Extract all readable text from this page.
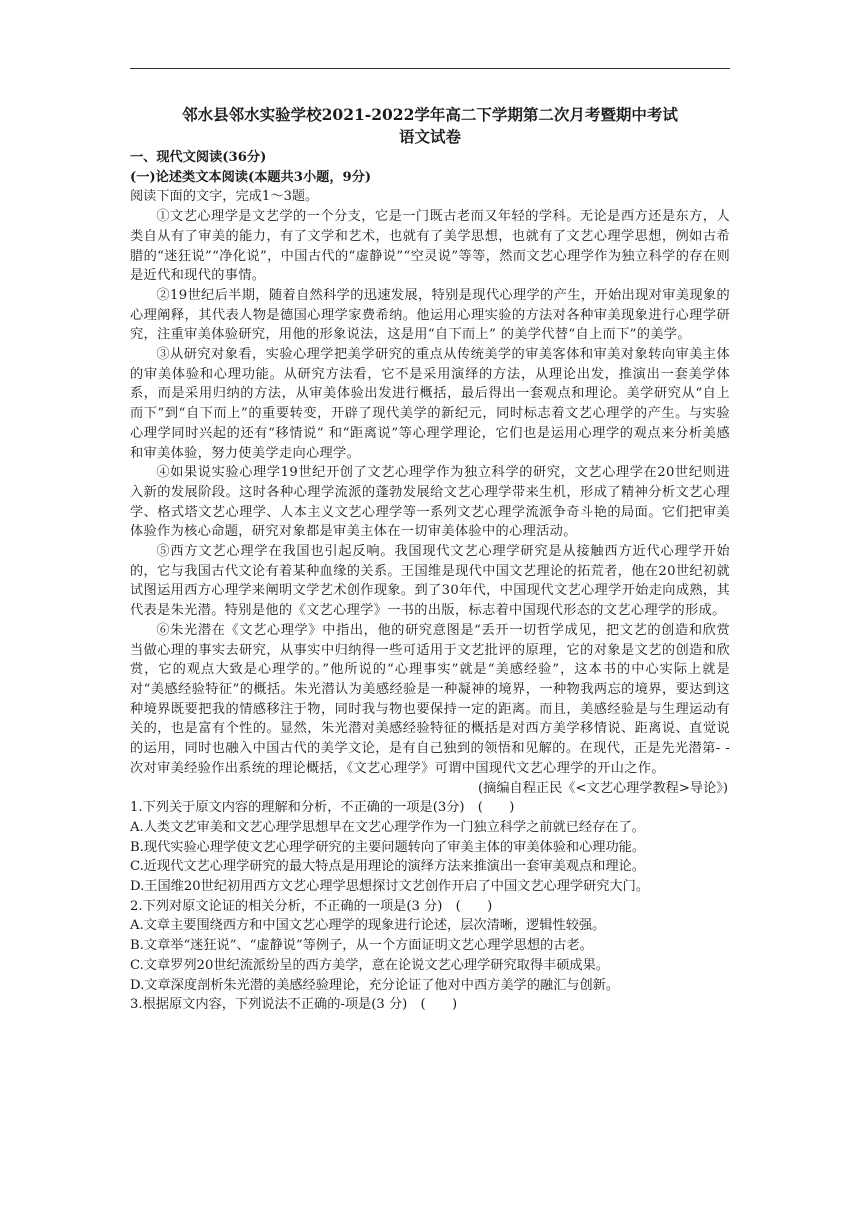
邻水县邻水实验学校2021-2022学年高二下学期第二次月考暨期中考试

语文试卷

一、现代文阅读(36分)

(一)论述类文本阅读(本题共3小题，9分)

阅读下面的文字，完成1～3题。

①文艺心理学是文艺学的一个分支，它是一门既古老而又年轻的学科。无论是西方还是东方，人类自从有了审美的能力，有了文学和艺术，也就有了美学思想，也就有了文艺心理学思想，例如古希腊的“迷狂说”“净化说”，中国古代的“虚静说”“空灵说”等等，然而文艺心理学作为独立科学的存在则是近代和现代的事情。

②19世纪后半期，随着自然科学的迅速发展，特别是现代心理学的产生，开始出现对审美现象的心理阐释，其代表人物是德国心理学家费希纳。他运用心理实验的方法对各种审美现象进行心理学研究，注重审美体验研究，用他的形象说法，这是用“自下而上” 的美学代替“自上而下”的美学。

③从研究对象看，实验心理学把美学研究的重点从传统美学的审美客体和审美对象转向审美主体的审美体验和心理功能。从研究方法看，它不是采用演绎的方法，从理论出发，推演出一套美学体系，而是采用归纳的方法，从审美体验出发进行概括，最后得出一套观点和理论。美学研究从“自上而下”到“自下而上”的重要转变，开辟了现代美学的新纪元，同时标志着文艺心理学的产生。与实验心理学同时兴起的还有“移情说” 和“距离说”等心理学理论，它们也是运用心理学的观点来分析美感和审美体验，努力使美学走向心理学。

④如果说实验心理学19世纪开创了文艺心理学作为独立科学的研究，文艺心理学在20世纪则进入新的发展阶段。这时各种心理学流派的蓬勃发展给文艺心理学带来生机，形成了精神分析文艺心理学、格式塔文艺心理学、人本主义文艺心理学等一系列文艺心理学流派争奇斗艳的局面。它们把审美体验作为核心命题，研究对象都是审美主体在一切审美体验中的心理活动。

⑤西方文艺心理学在我国也引起反响。我国现代文艺心理学研究是从接触西方近代心理学开始的，它与我国古代文论有着某种血缘的关系。王国维是现代中国文艺理论的拓荒者，他在20世纪初就试图运用西方心理学来阐明文学艺术创作现象。到了30年代，中国现代文艺心理学开始走向成熟，其代表是朱光潜。特别是他的《文艺心理学》一书的出版，标志着中国现代形态的文艺心理学的形成。

⑥朱光潜在《文艺心理学》中指出，他的研究意图是“丢开一切哲学成见，把文艺的创造和欣赏当做心理的事实去研究，从事实中归纳得一些可适用于文艺批评的原理，它的对象是文艺的创造和欣赏，它的观点大致是心理学的。”他所说的“心理事实”就是“美感经验”，这本书的中心实际上就是对“美感经验特征”的概括。朱光潜认为美感经验是一种凝神的境界，一种物我两忘的境界，要达到这种境界既要把我的情感移注于物，同时我与物也要保持一定的距离。而且，美感经验是与生理运动有关的，也是富有个性的。显然，朱光潜对美感经验特征的概括是对西方美学移情说、距离说、直觉说的运用，同时也融入中国古代的美学文论，是有自己独到的领悟和见解的。在现代，正是先光潜第- -次对审美经验作出系统的理论概括，《文艺心理学》可谓中国现代文艺心理学的开山之作。

(摘编自程正民《<文艺心理学教程>导论》)

1.下列关于原文内容的理解和分析，不正确的一项是(3分)　(　　)

A.人类文艺审美和文艺心理学思想早在文艺心理学作为一门独立科学之前就已经存在了。

B.现代实验心理学使文艺心理学研究的主要问题转向了审美主体的审美体验和心理功能。

C.近现代文艺心理学研究的最大特点是用理论的演绎方法来推演出一套审美观点和理论。

D.王国维20世纪初用西方文艺心理学思想探讨文艺创作开启了中国文艺心理学研究大门。

2.下列对原文论证的相关分析，不正确的一项是(3 分)　(　　)

A.文章主要围绕西方和中国文艺心理学的现象进行论述，层次清晰，逻辑性较强。

B.文章举“迷狂说”、“虚静说”等例子，从一个方面证明文艺心理学思想的古老。

C.文章罗列20世纪流派纷呈的西方美学，意在论说文艺心理学研究取得丰硕成果。

D.文章深度剖析朱光潜的美感经验理论，充分论证了他对中西方美学的融汇与创新。

3.根据原文内容，下列说法不正确的-项是(3 分)　(　　)
